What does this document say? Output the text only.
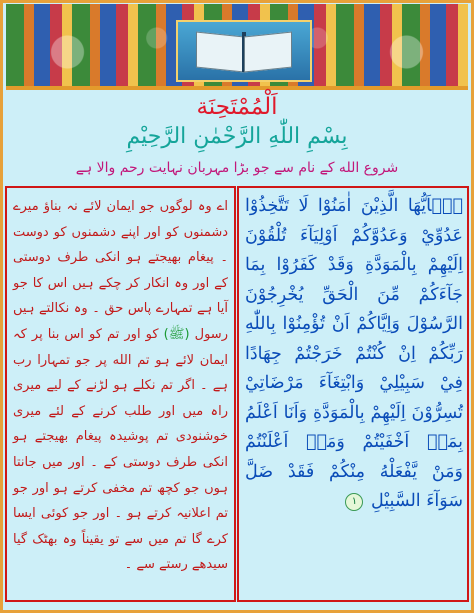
اَلْمُمْتَحِنَة
بِسْمِ اللّٰهِ الرَّحْمٰنِ الرَّحِيْمِ
شروع الله کے نام سے جو بڑا مہربان نہایت رحم والا ہے
اے وہ لوگوں جو ایمان لائے نہ بناؤ میرے دشمنوں کو اور اپنے دشمنوں کو دوست ۔ پیغام بھیجتے ہو انکی طرف دوستی کے اور وہ انکار کر چکے ہیں اس کا جو آیا ہے تمہارے پاس حق ۔ وہ نکالتے ہیں رسول (ﷺ) کو اور تم کو اس بنا پر کہ ایمان لائے ہو تم الله پر جو تمہارا رب ہے ۔ اگر تم نکلے ہو لڑنے کے لیے میری راہ میں اور طلب کرنے کے لئے میری خوشنودی تم پوشیدہ پیغام بھیجتے ہو انکی طرف دوستی کے ۔ اور میں جانتا ہوں جو کچھ تم مخفی کرتے ہو اور جو تم اعلانیہ کرتے ہو ۔ اور جو کوئی ایسا کرے گا تم میں سے تو یقیناً وہ بھٹک گیا سیدھے رستے سے ۔
يٰۤاَيُّهَا الَّذِيْنَ اٰمَنُوْا لَا تَتَّخِذُوْا عَدُوِّيْ وَعَدُوَّكُمْ اَوْلِيَآءَ تُلْقُوْنَ اِلَيْهِمْ بِالْمَوَدَّةِ وَقَدْ كَفَرُوْا بِمَا جَآءَكُمْ مِّنَ الْحَقِّ يُخْرِجُوْنَ الرَّسُوْلَ وَاِيَّاكُمْ اَنْ تُؤْمِنُوْا بِاللّٰهِ رَبِّكُمْ اِنْ كُنْتُمْ خَرَجْتُمْ جِهَادًا فِيْ سَبِيْلِيْ وَابْتِغَآءَ مَرْضَاتِيْ تُسِرُّوْنَ اِلَيْهِمْ بِالْمَوَدَّةِ وَاَنَا اَعْلَمُ بِمَاۤ اَخْفَيْتُمْ وَمَاۤ اَعْلَنْتُمْ وَمَنْ يَّفْعَلْهُ مِنْكُمْ فَقَدْ ضَلَّ سَوَآءَ السَّبِيْلِ ۱
